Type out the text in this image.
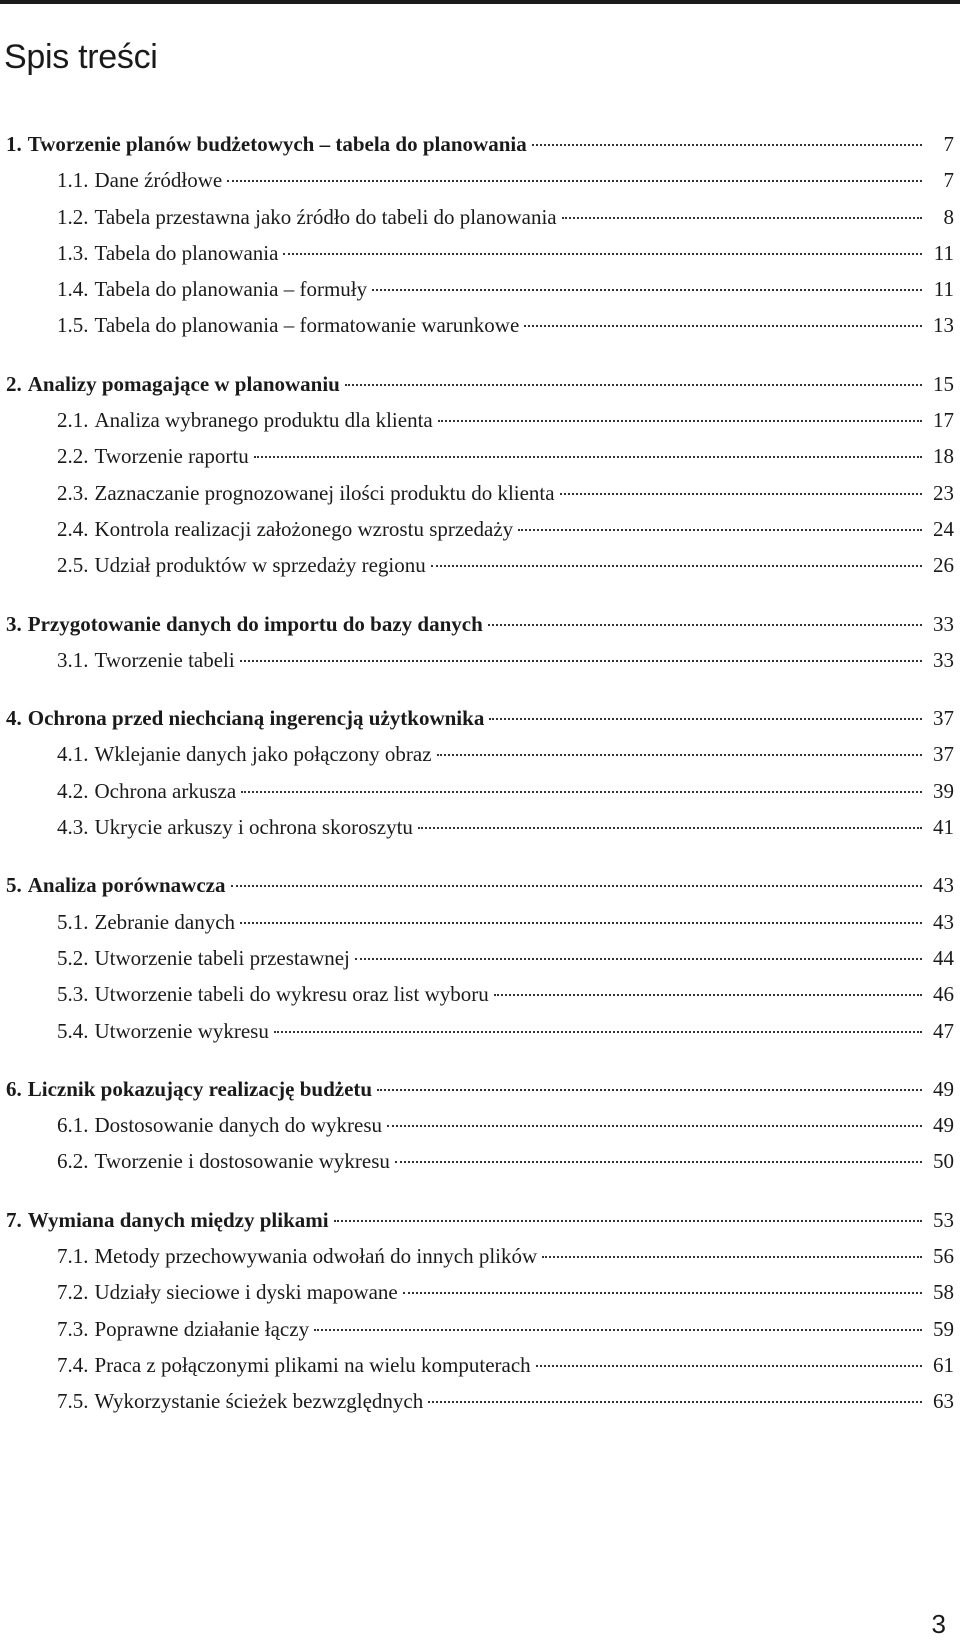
Spis treści
1. Tworzenie planów budżetowych – tabela do planowania	7
1.1. Dane źródłowe	7
1.2. Tabela przestawna jako źródło do tabeli do planowania	8
1.3. Tabela do planowania	11
1.4. Tabela do planowania – formuły	11
1.5. Tabela do planowania – formatowanie warunkowe	13
2. Analizy pomagające w planowaniu	15
2.1. Analiza wybranego produktu dla klienta	17
2.2. Tworzenie raportu	18
2.3. Zaznaczanie prognozowanej ilości produktu do klienta	23
2.4. Kontrola realizacji założonego wzrostu sprzedaży	24
2.5. Udział produktów w sprzedaży regionu	26
3. Przygotowanie danych do importu do bazy danych	33
3.1. Tworzenie tabeli	33
4. Ochrona przed niechcianą ingerencją użytkownika	37
4.1. Wklejanie danych jako połączony obraz	37
4.2. Ochrona arkusza	39
4.3. Ukrycie arkuszy i ochrona skoroszytu	41
5. Analiza porównawcza	43
5.1. Zebranie danych	43
5.2. Utworzenie tabeli przestawnej	44
5.3. Utworzenie tabeli do wykresu oraz list wyboru	46
5.4. Utworzenie wykresu	47
6. Licznik pokazujący realizację budżetu	49
6.1. Dostosowanie danych do wykresu	49
6.2. Tworzenie i dostosowanie wykresu	50
7. Wymiana danych między plikami	53
7.1. Metody przechowywania odwołań do innych plików	56
7.2. Udziały sieciowe i dyski mapowane	58
7.3. Poprawne działanie łączy	59
7.4. Praca z połączonymi plikami na wielu komputerach	61
7.5. Wykorzystanie ścieżek bezwzględnych	63
3
